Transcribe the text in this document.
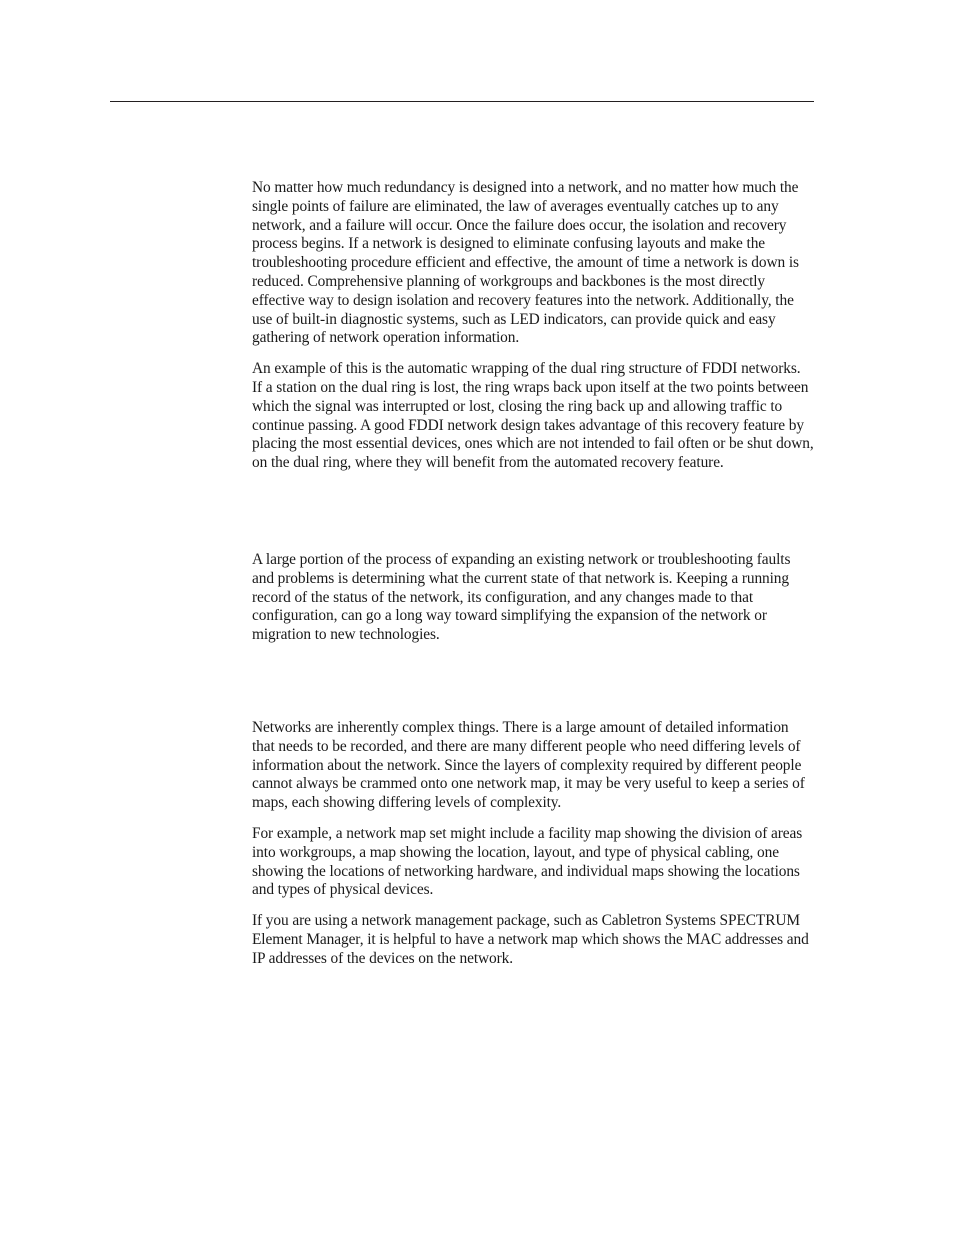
No matter how much redundancy is designed into a network, and no matter how much the single points of failure are eliminated, the law of averages eventually catches up to any network, and a failure will occur. Once the failure does occur, the isolation and recovery process begins. If a network is designed to eliminate confusing layouts and make the troubleshooting procedure efficient and effective, the amount of time a network is down is reduced. Comprehensive planning of workgroups and backbones is the most directly effective way to design isolation and recovery features into the network. Additionally, the use of built-in diagnostic systems, such as LED indicators, can provide quick and easy gathering of network operation information.

An example of this is the automatic wrapping of the dual ring structure of FDDI networks. If a station on the dual ring is lost, the ring wraps back upon itself at the two points between which the signal was interrupted or lost, closing the ring back up and allowing traffic to continue passing. A good FDDI network design takes advantage of this recovery feature by placing the most essential devices, ones which are not intended to fail often or be shut down, on the dual ring, where they will benefit from the automated recovery feature.

A large portion of the process of expanding an existing network or troubleshooting faults and problems is determining what the current state of that network is. Keeping a running record of the status of the network, its configuration, and any changes made to that configuration, can go a long way toward simplifying the expansion of the network or migration to new technologies.

Networks are inherently complex things. There is a large amount of detailed information that needs to be recorded, and there are many different people who need differing levels of information about the network. Since the layers of complexity required by different people cannot always be crammed onto one network map, it may be very useful to keep a series of maps, each showing differing levels of complexity.

For example, a network map set might include a facility map showing the division of areas into workgroups, a map showing the location, layout, and type of physical cabling, one showing the locations of networking hardware, and individual maps showing the locations and types of physical devices.

If you are using a network management package, such as Cabletron Systems SPECTRUM Element Manager, it is helpful to have a network map which shows the MAC addresses and IP addresses of the devices on the network.
